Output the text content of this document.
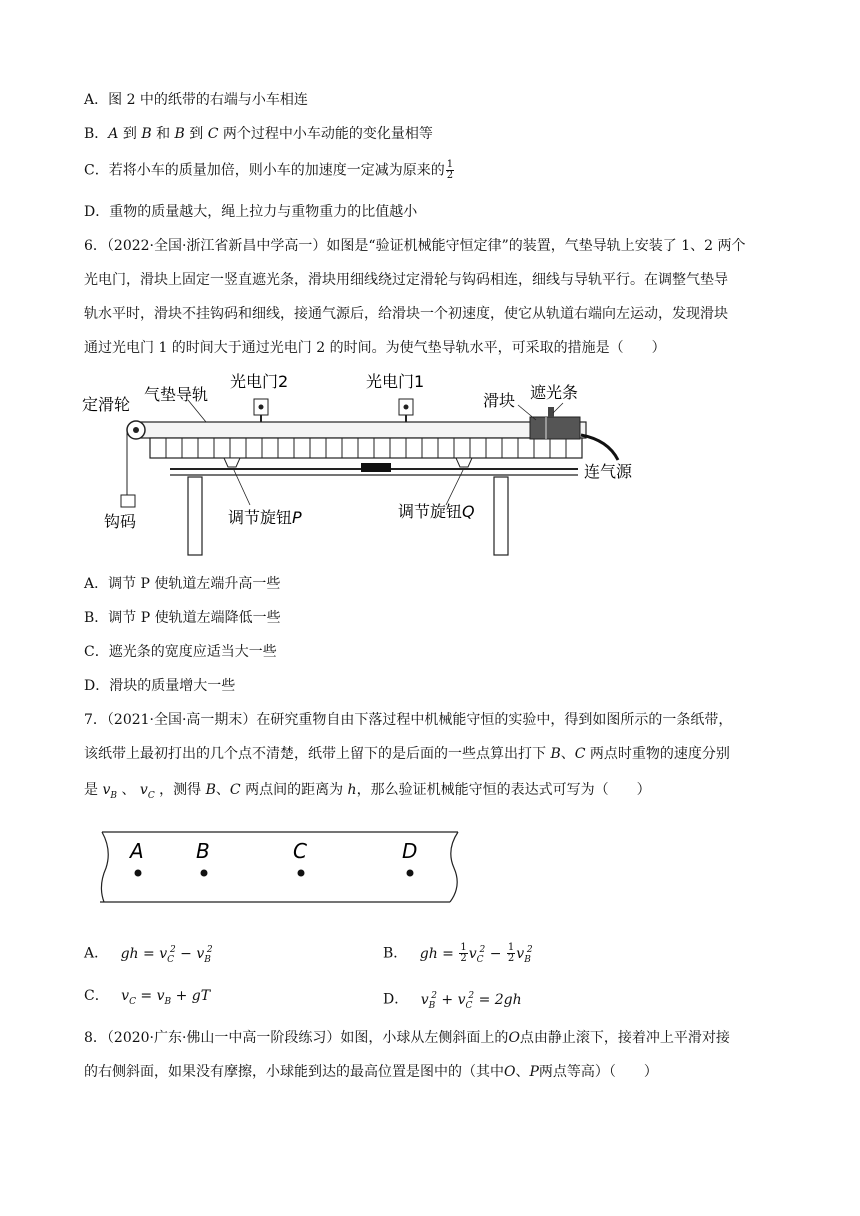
A．图 2 中的纸带的右端与小车相连
B．A 到 B 和 B 到 C 两个过程中小车动能的变化量相等
C．若将小车的质量加倍，则小车的加速度一定减为原来的 $\frac{1}{2}$
D．重物的质量越大，绳上拉力与重物重力的比值越小
6．（2022·全国·浙江省新昌中学高一）如图是“验证机械能守恒定律”的装置，气垫导轨上安装了 1、2 两个
光电门，滑块上固定一竖直遮光条，滑块用细线绕过定滑轮与钩码相连，细线与导轨平行。在调整气垫导
轨水平时，滑块不挂钩码和细线，接通气源后，给滑块一个初速度，使它从轨道右端向左运动，发现滑块
通过光电门 1 的时间大于通过光电门 2 的时间。为使气垫导轨水平，可采取的措施是（　　）
定滑轮
气垫导轨
光电门2	光电门1
滑块 遮光条
连气源
钩码	调节旋钮P	调节旋钮Q
A．调节 P 使轨道左端升高一些
B．调节 P 使轨道左端降低一些
C．遮光条的宽度应适当大一些
D．滑块的质量增大一些
7．（2021·全国·高一期末）在研究重物自由下落过程中机械能守恒的实验中，得到如图所示的一条纸带，
该纸带上最初打出的几个点不清楚，纸带上留下的是后面的一些点算出打下 B、C 两点时重物的速度分别
是 $v_B$ 、 $v_C$ ，测得 B、C 两点间的距离为 h，那么验证机械能守恒的表达式可写为（　　）
A	B	C	D
A． gh = $v_C^2 - v_B^2$	B． gh = $\frac{1}{2} v_C^2 - \frac{1}{2} v_B^2$
C． $v_C = v_B$ + gT	D． $v_B^2 + v_C^2 = 2gh$
8．（2020·广东·佛山一中高一阶段练习）如图，小球从左侧斜面上的O点由静止滚下，接着冲上平滑对接
的右侧斜面，如果没有摩擦，小球能到达的最高位置是图中的（其中O、P两点等高）（　　）
